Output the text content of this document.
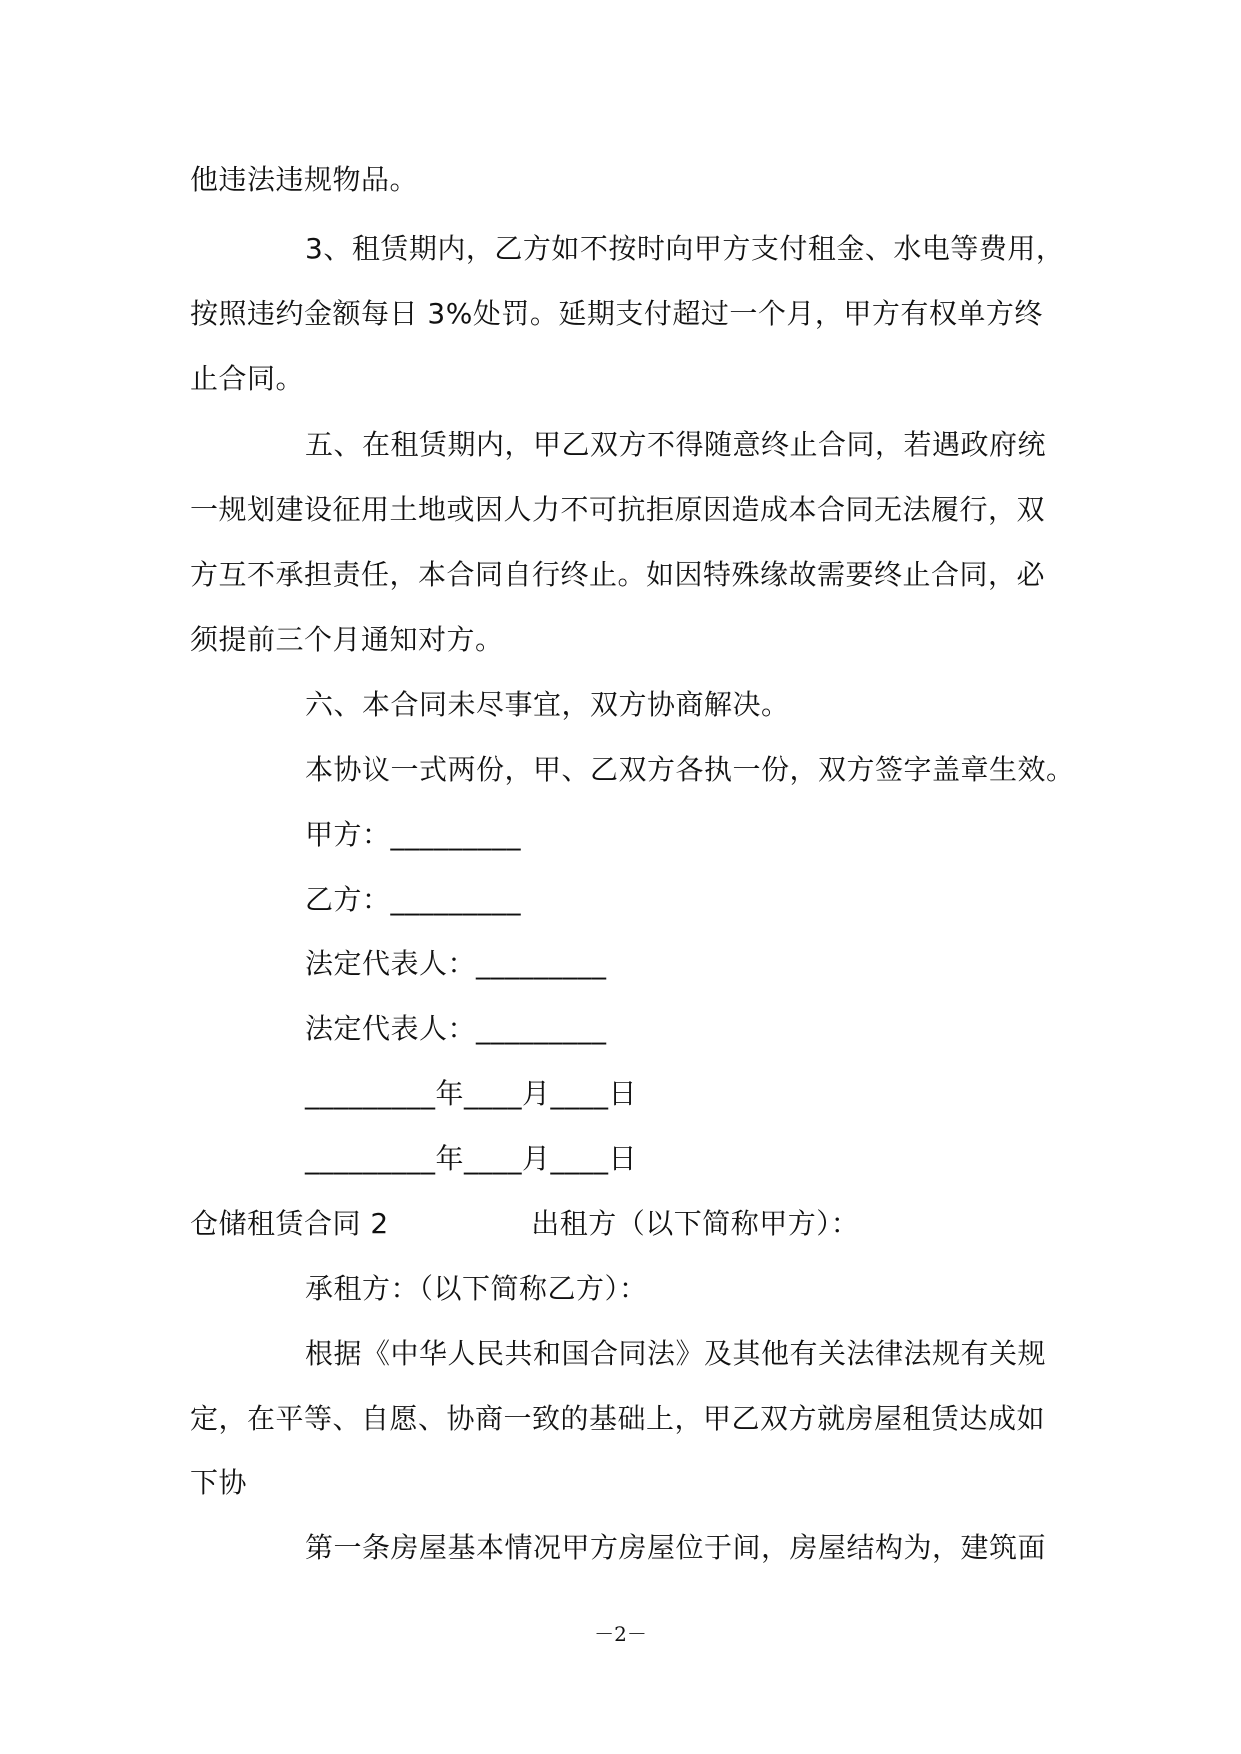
他违法违规物品。
3、租赁期内，乙方如不按时向甲方支付租金、水电等费用，
按照违约金额每日 3%处罚。延期支付超过一个月，甲方有权单方终
止合同。
五、在租赁期内，甲乙双方不得随意终止合同，若遇政府统
一规划建设征用土地或因人力不可抗拒原因造成本合同无法履行，双
方互不承担责任，本合同自行终止。如因特殊缘故需要终止合同，必
须提前三个月通知对方。
六、本合同未尽事宜，双方协商解决。
本协议一式两份，甲、乙双方各执一份，双方签字盖章生效。
甲方：_________
乙方：_________
法定代表人：_________
法定代表人：_________
_________年____月____日
_________年____月____日
仓储租赁合同 2　　　　　出租方（以下简称甲方）：
承租方：（以下简称乙方）：
根据《中华人民共和国合同法》及其他有关法律法规有关规
定，在平等、自愿、协商一致的基础上，甲乙双方就房屋租赁达成如
下协
第一条房屋基本情况甲方房屋位于间，房屋结构为，建筑面
－2－
